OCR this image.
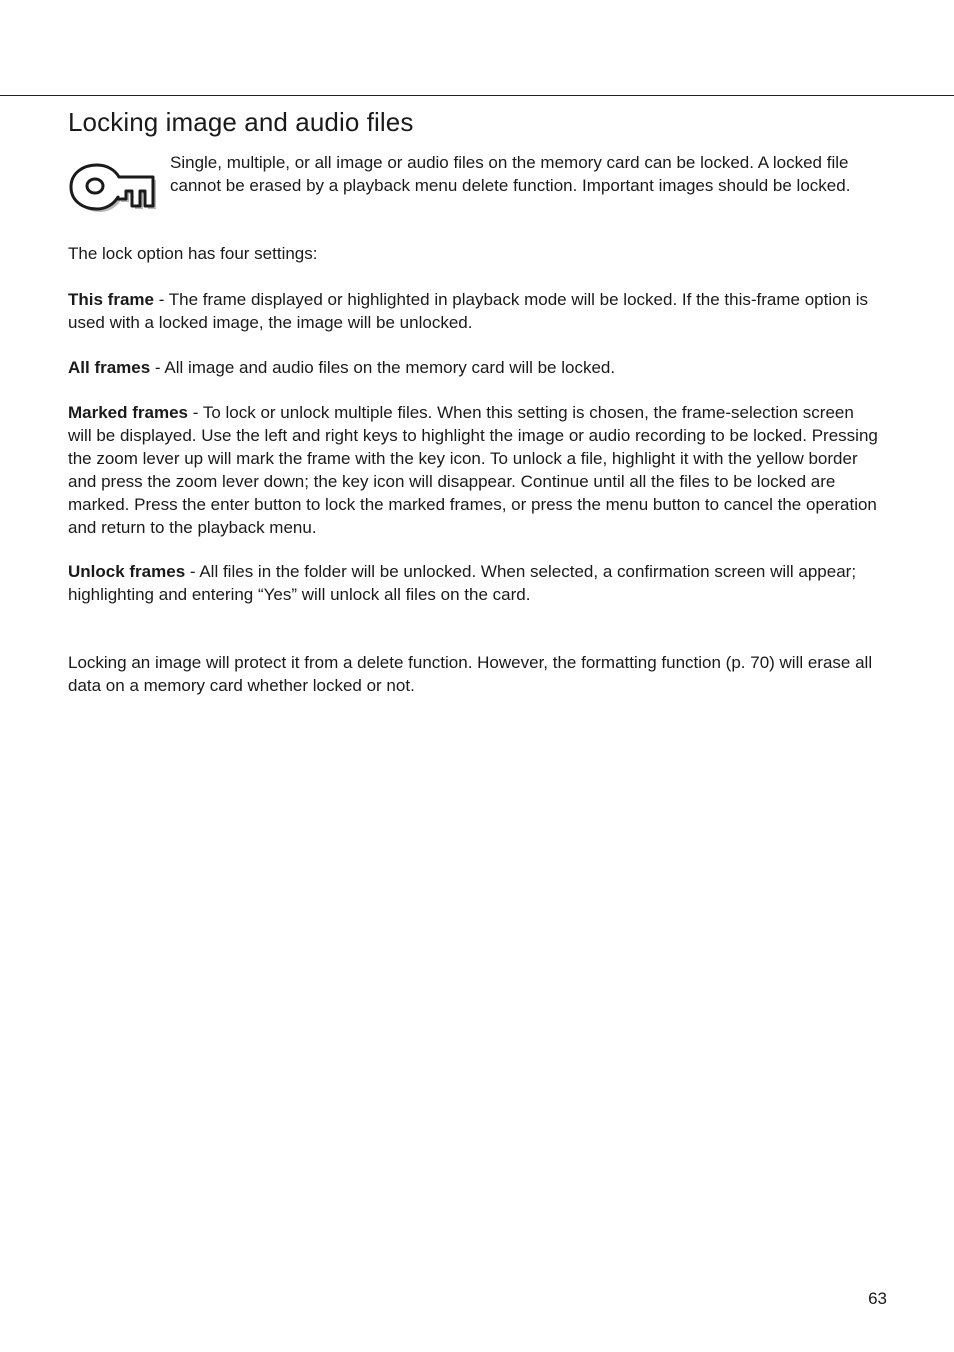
Locking image and audio files

Single, multiple, or all image or audio files on the memory card can be locked. A locked file cannot be erased by a playback menu delete function. Important images should be locked.

The lock option has four settings:

This frame - The frame displayed or highlighted in playback mode will be locked. If the this-frame option is used with a locked image, the image will be unlocked.

All frames - All image and audio files on the memory card will be locked.

Marked frames - To lock or unlock multiple files. When this setting is chosen, the frame-selection screen will be displayed. Use the left and right keys to highlight the image or audio recording to be locked. Pressing the zoom lever up will mark the frame with the key icon. To unlock a file, highlight it with the yellow border and press the zoom lever down; the key icon will disappear. Continue until all the files to be locked are marked. Press the enter button to lock the marked frames, or press the menu button to cancel the operation and return to the playback menu.

Unlock frames - All files in the folder will be unlocked. When selected, a confirmation screen will appear; highlighting and entering “Yes” will unlock all files on the card.

Locking an image will protect it from a delete function. However, the formatting function (p. 70) will erase all data on a memory card whether locked or not.

63
